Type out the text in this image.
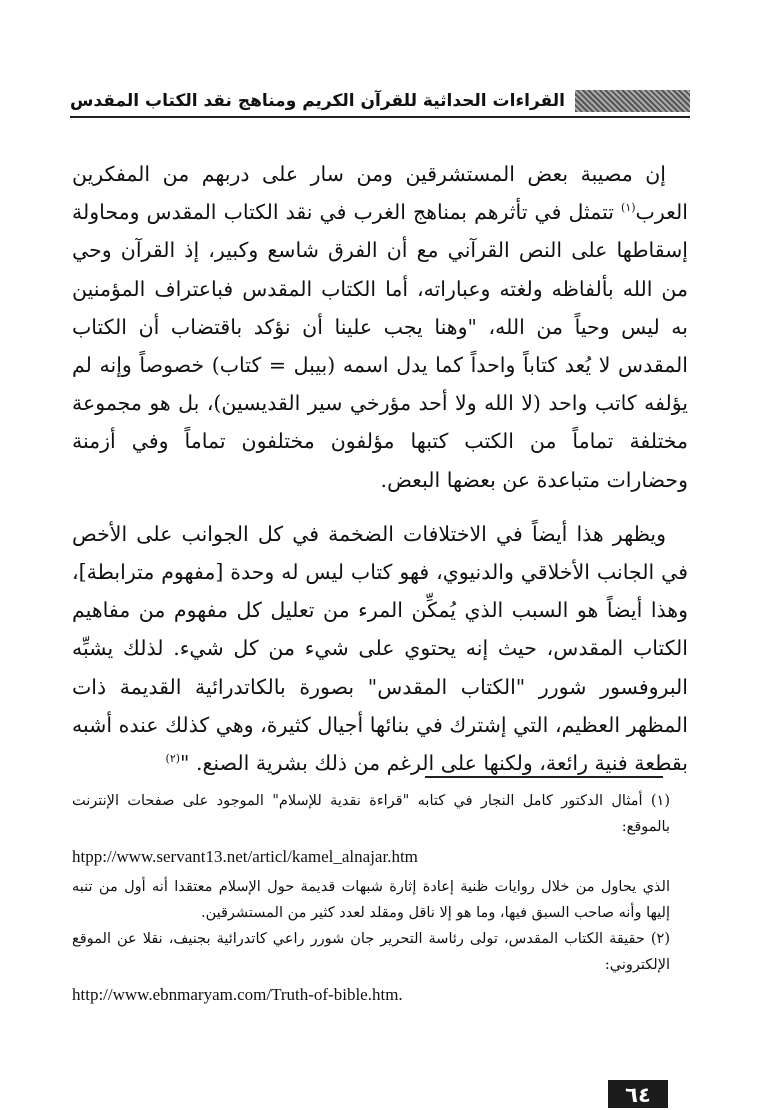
القراءات الحداثية للقرآن الكريم ومناهج نقد الكتاب المقدس

إن مصيبة بعض المستشرقين ومن سار على دربهم من المفكرين العرب$^{(١)}$ تتمثل في تأثرهم بمناهج الغرب في نقد الكتاب المقدس ومحاولة إسقاطها على النص القرآني مع أن الفرق شاسع وكبير، إذ القرآن وحي من الله بألفاظه ولغته وعباراته، أما الكتاب المقدس فباعتراف المؤمنين به ليس وحياً من الله، "وهنا يجب علينا أن نؤكد باقتضاب أن الكتاب المقدس لا يُعد كتاباً واحداً كما يدل اسمه (بيبل = كتاب) خصوصاً وإنه لم يؤلفه كاتب واحد (لا الله ولا أحد مؤرخي سير القديسين)، بل هو مجموعة مختلفة تماماً من الكتب كتبها مؤلفون مختلفون تماماً وفي أزمنة وحضارات متباعدة عن بعضها البعض.

ويظهر هذا أيضاً في الاختلافات الضخمة في كل الجوانب على الأخص في الجانب الأخلاقي والدنيوي، فهو كتاب ليس له وحدة [مفهوم مترابطة]، وهذا أيضاً هو السبب الذي يُمكِّن المرء من تعليل كل مفهوم من مفاهيم الكتاب المقدس، حيث إنه يحتوي على شيء من كل شيء. لذلك يشبِّه البروفسور شورر "الكتاب المقدس" بصورة بالكاتدرائية القديمة ذات المظهر العظيم، التي إشترك في بنائها أجيال كثيرة، وهي كذلك عنده أشبه بقطعة فنية رائعة، ولكنها على الرغم من ذلك بشرية الصنع. "$^{(٢)}$

(١) أمثال الدكتور كامل النجار في كتابه "قراءة نقدية للإسلام" الموجود على صفحات الإنترنت بالموقع:
htpp://www.servant13.net/articl/kamel_alnajar.htm
الذي يحاول من خلال روايات ظنية إعادة إثارة شبهات قديمة حول الإسلام معتقدا أنه أول من تنبه إليها وأنه صاحب السبق فيها، وما هو إلا ناقل ومقلد لعدد كثير من المستشرقين.
(٢) حقيقة الكتاب المقدس، تولى رئاسة التحرير جان شورر راعي كاتدرائية بجنيف، نقلا عن الموقع الإلكتروني:
http://www.ebnmaryam.com/Truth-of-bible.htm.
٦٤
